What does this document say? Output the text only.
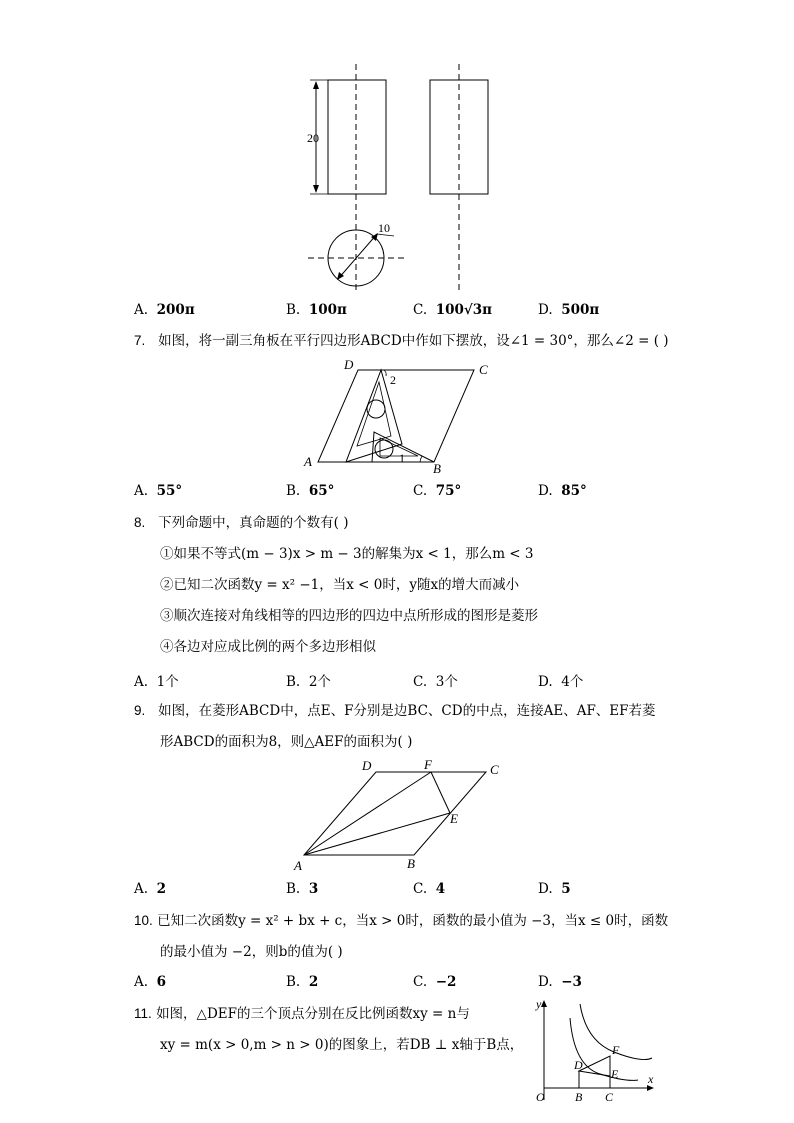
20
10
A. 200π	B. 100π	C. 100√3π	D. 500π
7. 如图，将一副三角板在平行四边形ABCD中作如下摆放，设∠1 = 30°，那么∠2 = ( )
A	B
C
D
1
2
A. 55°	B. 65°	C. 75°	D. 85°
8. 下列命题中，真命题的个数有( )
①如果不等式(m − 3)x > m − 3的解集为x < 1，那么m < 3
②已知二次函数y = x² −1，当x < 0时，y随x的增大而减小
③顺次连接对角线相等的四边形的四边中点所形成的图形是菱形
④各边对应成比例的两个多边形相似
A. 1个	B. 2个	C. 3个	D. 4个
9. 如图，在菱形ABCD中，点E、F分别是边BC、CD的中点，连接AE、AF、EF若菱
形ABCD的面积为8，则△AEF的面积为( )
A	B
C
D
E
F
A. 2	B. 3	C. 4	D. 5
10. 已知二次函数y = x² + bx + c，当x > 0时，函数的最小值为 −3，当x ≤ 0时，函数
的最小值为 −2，则b的值为( )
A. 6	B. 2	C. −2	D. −3
11. 如图，△DEF的三个顶点分别在反比例函数xy = n与
xy = m(x > 0,m > n > 0)的图象上，若DB ⊥ x轴于B点，
y
x
O	B C
D
E
F
